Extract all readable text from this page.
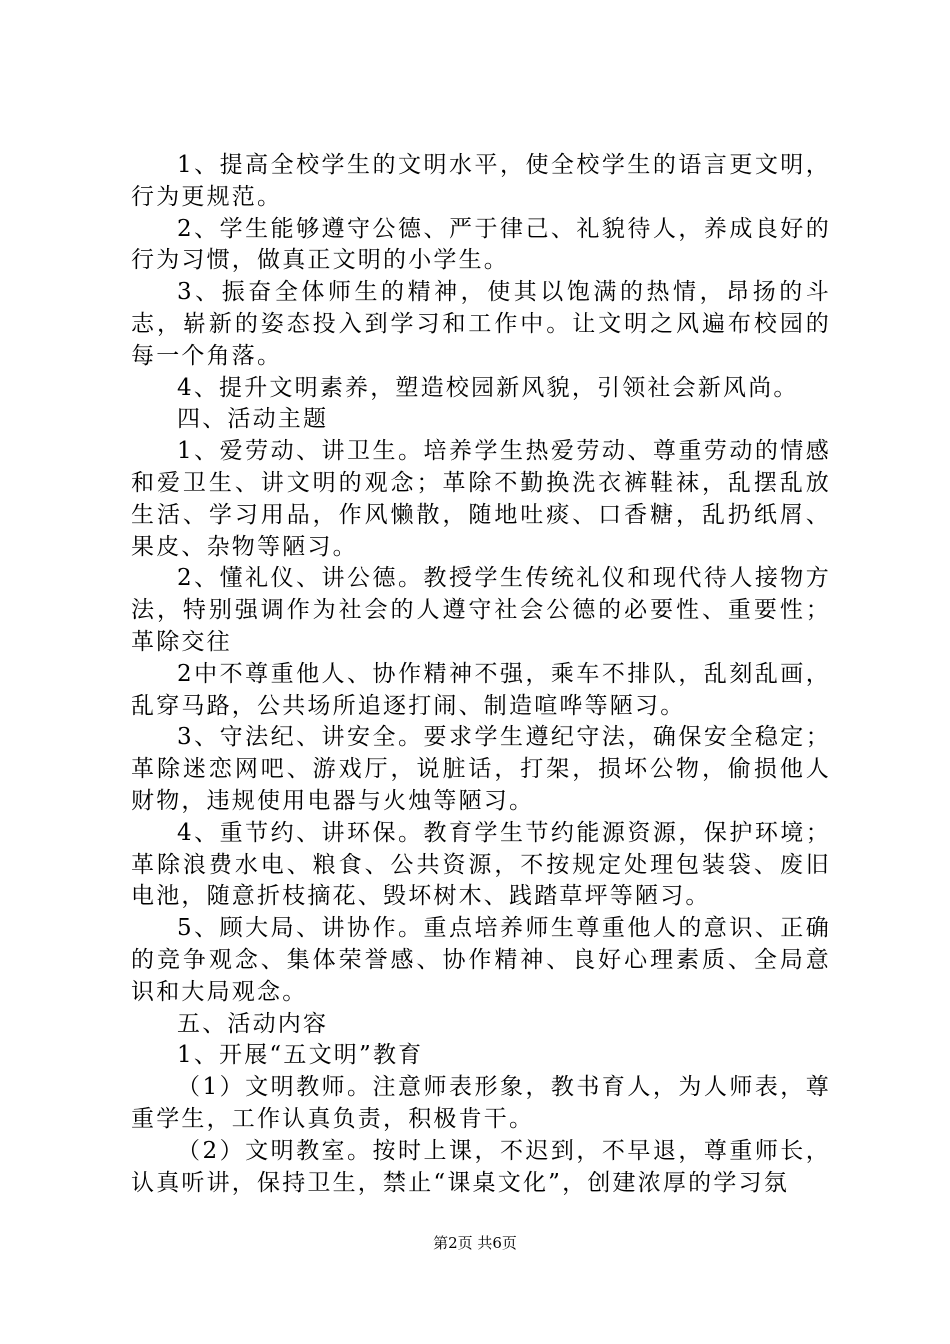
1、提高全校学生的文明水平，使全校学生的语言更文明，行为更规范。

2、学生能够遵守公德、严于律己、礼貌待人，养成良好的行为习惯，做真正文明的小学生。

3、振奋全体师生的精神，使其以饱满的热情，昂扬的斗志，崭新的姿态投入到学习和工作中。让文明之风遍布校园的每一个角落。

4、提升文明素养，塑造校园新风貌，引领社会新风尚。

四、活动主题

1、爱劳动、讲卫生。培养学生热爱劳动、尊重劳动的情感和爱卫生、讲文明的观念；革除不勤换洗衣裤鞋袜，乱摆乱放生活、学习用品，作风懒散，随地吐痰、口香糖，乱扔纸屑、果皮、杂物等陋习。

2、懂礼仪、讲公德。教授学生传统礼仪和现代待人接物方法，特别强调作为社会的人遵守社会公德的必要性、重要性；革除交往

2中不尊重他人、协作精神不强，乘车不排队，乱刻乱画，乱穿马路，公共场所追逐打闹、制造喧哗等陋习。

3、守法纪、讲安全。要求学生遵纪守法，确保安全稳定；革除迷恋网吧、游戏厅，说脏话，打架，损坏公物，偷损他人财物，违规使用电器与火烛等陋习。

4、重节约、讲环保。教育学生节约能源资源，保护环境；革除浪费水电、粮食、公共资源，不按规定处理包装袋、废旧电池，随意折枝摘花、毁坏树木、践踏草坪等陋习。

5、顾大局、讲协作。重点培养师生尊重他人的意识、正确的竞争观念、集体荣誉感、协作精神、良好心理素质、全局意识和大局观念。

五、活动内容

1、开展“五文明”教育

（1）文明教师。注意师表形象，教书育人，为人师表，尊重学生，工作认真负责，积极肯干。

（2）文明教室。按时上课，不迟到，不早退，尊重师长，认真听讲，保持卫生，禁止“课桌文化”，创建浓厚的学习氛

第2页 共6页
